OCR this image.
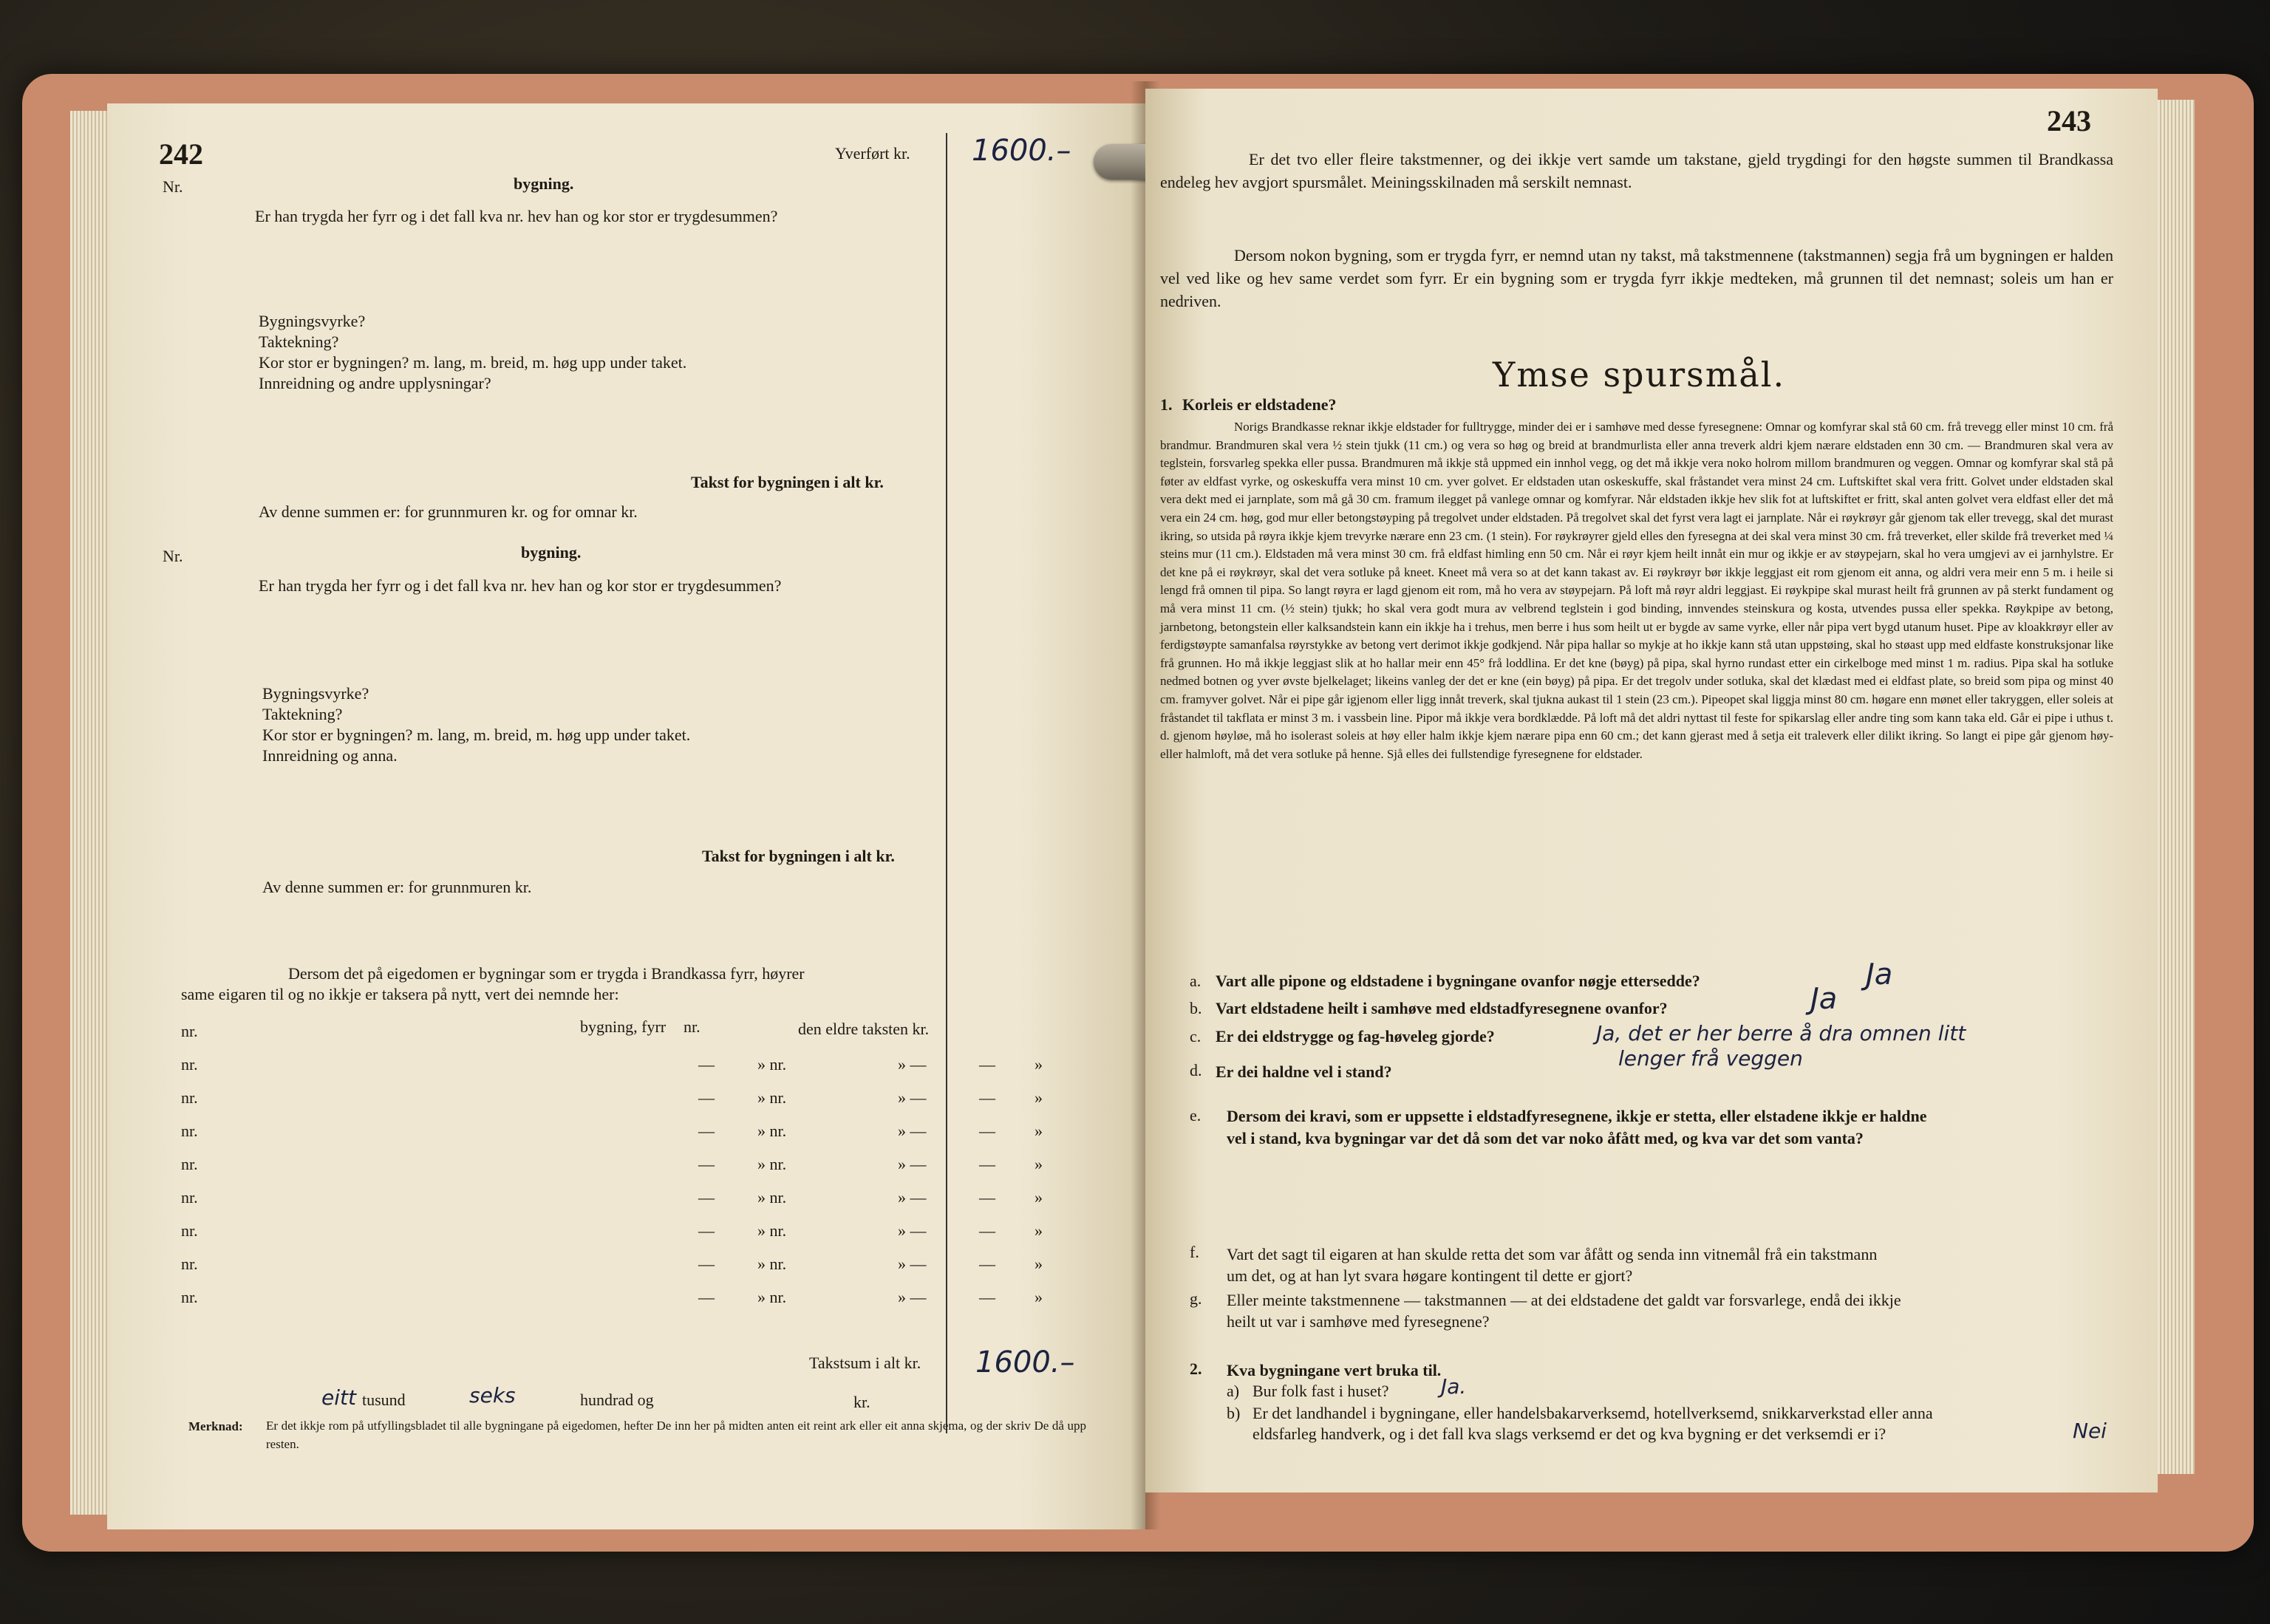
242
Nr.	bygning.
Yverført kr. 1600.–
Er han trygda her fyrr og i det fall kva nr. hev han og kor stor er trygdesummen?
Bygningsvyrke?
Taktekning?
Kor stor er bygningen? m. lang, m. breid, m. høg upp under taket.
Innreidning og andre upplysningar?
Takst for bygningen i alt kr.
Av denne summen er: for grunnmuren kr. og for omnar kr.
Nr.	bygning.
Er han trygda her fyrr og i det fall kva nr. hev han og kor stor er trygdesummen?
Bygningsvyrke?
Taktekning?
Kor stor er bygningen? m. lang, m. breid, m. høg upp under taket.
Innreidning og anna.
Takst for bygningen i alt kr.
Av denne summen er: for grunnmuren kr.
Dersom det på eigedomen er bygningar som er trygda i Brandkassa fyrr, høyrer
same eigaren til og no ikkje er taksera på nytt, vert dei nemnde her:
nr.	bygning, fyrr nr.	den eldre taksten kr.
nr.	—	» nr.	» —	— »
nr.	—	» nr.	» —	— »
nr.	—	» nr.	» —	— »
nr.	—	» nr.	» —	— »
nr.	—	» nr.	» —	— »
nr.	—	» nr.	» —	— »
nr.	—	» nr.	» —	— »
nr.	—	» nr.	» —	— »
Takstsum i alt kr. 1600.–
eitt tusund	seks	hundrad og	kr.
Merknad: Er det ikkje rom på utfyllingsbladet til alle bygningane på eigedomen, hefter De inn her på midten anten eit reint ark eller eit anna skjema, og der skriv De då upp resten.
243
Er det tvo eller fleire takstmenner, og dei ikkje vert samde um takstane, gjeld trygdingi for den høgste summen til Brandkassa endeleg hev avgjort spursmålet. Meiningsskilnaden må serskilt nemnast.
Dersom nokon bygning, som er trygda fyrr, er nemnd utan ny takst, må takstmennene (takstmannen) segja frå um bygningen er halden vel ved like og hev same verdet som fyrr. Er ein bygning som er trygda fyrr ikkje medteken, må grunnen til det nemnast; soleis um han er nedriven.
Ymse spursmål.
1. Korleis er eldstadene?
Norigs Brandkasse reknar ikkje eldstader for fulltrygge, minder dei er i samhøve med desse fyresegnene: Omnar og komfyrar skal stå 60 cm. frå trevegg eller minst 10 cm. frå brandmur. Brandmuren skal vera ½ stein tjukk (11 cm.) og vera so høg og breid at brandmurlista eller anna treverk aldri kjem nærare eldstaden enn 30 cm. — Brandmuren skal vera av teglstein, forsvarleg spekka eller pussa. Brandmuren må ikkje stå uppmed ein innhol vegg, og det må ikkje vera noko holrom millom brandmuren og veggen. Omnar og komfyrar skal stå på føter av eldfast vyrke, og oskeskuffa vera minst 10 cm. yver golvet. Er eldstaden utan oskeskuffe, skal fråstandet vera minst 24 cm. Luftskiftet skal vera fritt. Golvet under eldstaden skal vera dekt med ei jarnplate, som må gå 30 cm. framum ilegget på vanlege omnar og komfyrar. Når eldstaden ikkje hev slik fot at luftskiftet er fritt, skal anten golvet vera eldfast eller det må vera ein 24 cm. høg, god mur eller betongstøyping på tregolvet under eldstaden. På tregolvet skal det fyrst vera lagt ei jarnplate. Når ei røykrøyr går gjenom tak eller trevegg, skal det murast ikring, so utsida på røyra ikkje kjem trevyrke nærare enn 23 cm. (1 stein). For røykrøyrer gjeld elles den fyresegna at dei skal vera minst 30 cm. frå treverket, eller skilde frå treverket med ¼ steins mur (11 cm.). Eldstaden må vera minst 30 cm. frå eldfast himling enn 50 cm. Når ei røyr kjem heilt innåt ein mur og ikkje er av støypejarn, skal ho vera umgjevi av ei jarnhylstre. Er det kne på ei røykrøyr, skal det vera sotluke på kneet. Kneet må vera so at det kann takast av. Ei røykrøyr bør ikkje leggjast eit rom gjenom eit anna, og aldri vera meir enn 5 m. i heile si lengd frå omnen til pipa. So langt røyra er lagd gjenom eit rom, må ho vera av støypejarn. På loft må røyr aldri leggjast. Ei røykpipe skal murast heilt frå grunnen av på sterkt fundament og må vera minst 11 cm. (½ stein) tjukk; ho skal vera godt mura av velbrend teglstein i god binding, innvendes steinskura og kosta, utvendes pussa eller spekka. Røykpipe av betong, jarnbetong, betongstein eller kalksandstein kann ein ikkje ha i trehus, men berre i hus som heilt ut er bygde av same vyrke, eller når pipa vert bygd utanum huset. Pipe av kloakkrøyr eller av ferdigstøypte samanfalsa røyrstykke av betong vert derimot ikkje godkjend. Når pipa hallar so mykje at ho ikkje kann stå utan uppstøing, skal ho støast upp med eldfaste konstruksjonar like frå grunnen. Ho må ikkje leggjast slik at ho hallar meir enn 45° frå loddlina. Er det kne (bøyg) på pipa, skal hyrno rundast etter ein cirkelboge med minst 1 m. radius. Pipa skal ha sotluke nedmed botnen og yver øvste bjelkelaget; likeins vanleg der det er kne (ein bøyg) på pipa. Er det tregolv under sotluka, skal det klædast med ei eldfast plate, so breid som pipa og minst 40 cm. framyver golvet. Når ei pipe går igjenom eller ligg innåt treverk, skal tjukna aukast til 1 stein (23 cm.). Pipeopet skal liggja minst 80 cm. høgare enn mønet eller takryggen, eller soleis at fråstandet til takflata er minst 3 m. i vassbein line. Pipor må ikkje vera bordklædde. På loft må det aldri nyttast til feste for spikarslag eller andre ting som kann taka eld. Går ei pipe i uthus t. d. gjenom høyløe, må ho isolerast soleis at høy eller halm ikkje kjem nærare pipa enn 60 cm.; det kann gjerast med å setja eit traleverk eller dilikt ikring. So langt ei pipe går gjenom høy- eller halmloft, må det vera sotluke på henne. Sjå elles dei fullstendige fyresegnene for eldstader.
a. Vart alle pipone og eldstadene i bygningane ovanfor nøgje ettersedde?	Ja
b. Vart eldstadene heilt i samhøve med eldstadfyresegnene ovanfor?	Ja
c. Er dei eldstrygge og fag-høveleg gjorde?	Ja, det er her berre å dra omnen litt
lenger frå veggen
d. Er dei haldne vel i stand?
e. Dersom dei kravi, som er uppsette i eldstadfyresegnene, ikkje er stetta, eller elstadene ikkje er haldne
vel i stand, kva bygningar var det då som det var noko åfått med, og kva var det som vanta?
f. Vart det sagt til eigaren at han skulde retta det som var åfått og senda inn vitnemål frå ein takstmann
um det, og at han lyt svara høgare kontingent til dette er gjort?
g. Eller meinte takstmennene — takstmannen — at dei eldstadene det galdt var forsvarlege, endå dei ikkje
heilt ut var i samhøve med fyresegnene?
2. Kva bygningane vert bruka til.
a) Bur folk fast i huset?	Ja.
b) Er det landhandel i bygningane, eller handelsbakarverksemd, hotellverksemd, snikkarverkstad eller anna
eldsfarleg handverk, og i det fall kva slags verksemd er det og kva bygning er det verksemdi er i?	Nei
